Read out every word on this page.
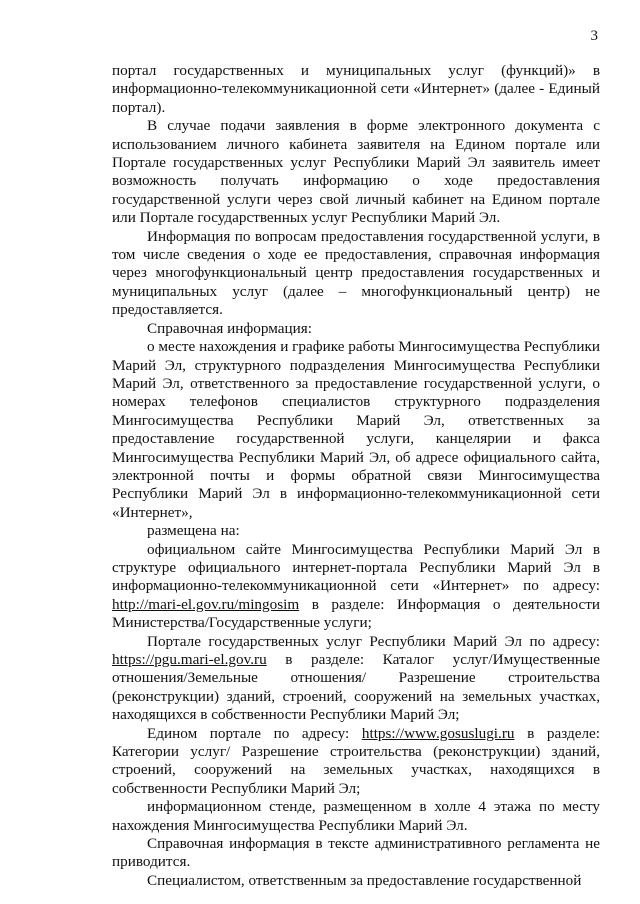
3

портал государственных и муниципальных услуг (функций)» в информационно-телекоммуникационной сети «Интернет» (далее - Единый портал).

В случае подачи заявления в форме электронного документа с использованием личного кабинета заявителя на Едином портале или Портале государственных услуг Республики Марий Эл заявитель имеет возможность получать информацию о ходе предоставления государственной услуги через свой личный кабинет на Едином портале или Портале государственных услуг Республики Марий Эл.

Информация по вопросам предоставления государственной услуги, в том числе сведения о ходе ее предоставления, справочная информация через многофункциональный центр предоставления государственных и муниципальных услуг (далее – многофункциональный центр) не предоставляется.

Справочная информация:

о месте нахождения и графике работы Мингосимущества Республики Марий Эл, структурного подразделения Мингосимущества Республики Марий Эл, ответственного за предоставление государственной услуги, о номерах телефонов специалистов структурного подразделения Мингосимущества Республики Марий Эл, ответственных за предоставление государственной услуги, канцелярии и факса Мингосимущества Республики Марий Эл, об адресе официального сайта, электронной почты и формы обратной связи Мингосимущества Республики Марий Эл в информационно-телекоммуникационной сети «Интернет»,

размещена на:

официальном сайте Мингосимущества Республики Марий Эл в структуре официального интернет-портала Республики Марий Эл в информационно-телекоммуникационной сети «Интернет» по адресу: http://mari-el.gov.ru/mingosim в разделе: Информация о деятельности Министерства/Государственные услуги;

Портале государственных услуг Республики Марий Эл по адресу: https://pgu.mari-el.gov.ru в разделе: Каталог услуг/Имущественные отношения/Земельные отношения/ Разрешение строительства (реконструкции) зданий, строений, сооружений на земельных участках, находящихся в собственности Республики Марий Эл;

Едином портале по адресу: https://www.gosuslugi.ru в разделе: Категории услуг/ Разрешение строительства (реконструкции) зданий, строений, сооружений на земельных участках, находящихся в собственности Республики Марий Эл;

информационном стенде, размещенном в холле 4 этажа по месту нахождения Мингосимущества Республики Марий Эл.

Справочная информация в тексте административного регламента не приводится.

Специалистом, ответственным за предоставление государственной
